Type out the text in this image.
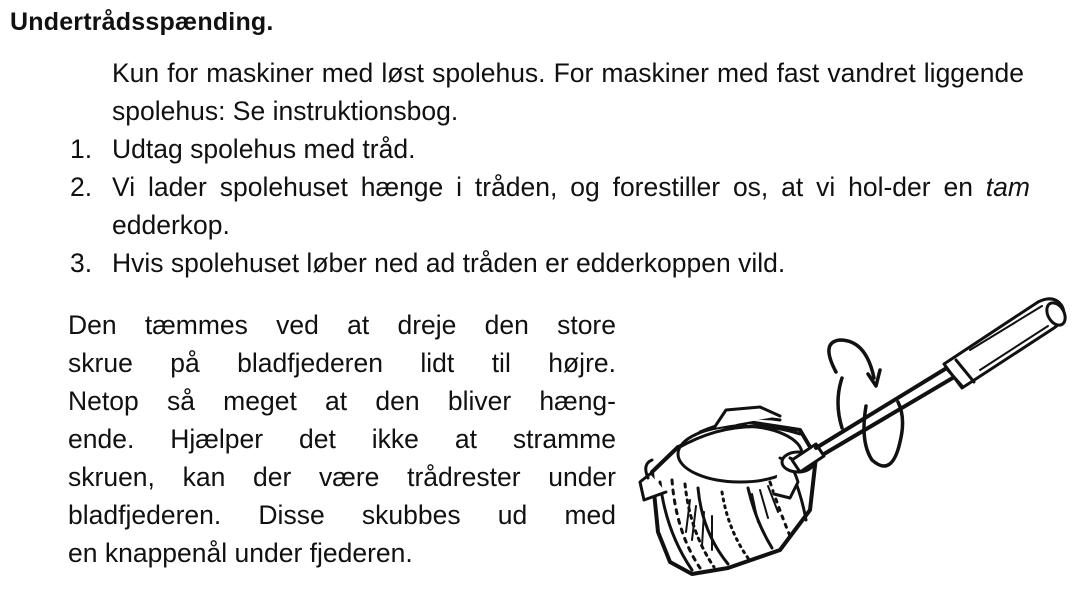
Undertrådsspænding.
Kun for maskiner med løst spolehus. For maskiner med fast vandret liggende spolehus: Se instruktionsbog.
1. Udtag spolehus med tråd.
2. Vi lader spolehuset hænge i tråden, og forestiller os, at vi hol-der en tam edderkop.
3. Hvis spolehuset løber ned ad tråden er edderkoppen vild.
Den tæmmes ved at dreje den store
skrue på bladfjederen lidt til højre.
Netop så meget at den bliver hæng-
ende. Hjælper det ikke at stramme
skruen, kan der være trådrester under
bladfjederen. Disse skubbes ud med
en knappenål under fjederen.
